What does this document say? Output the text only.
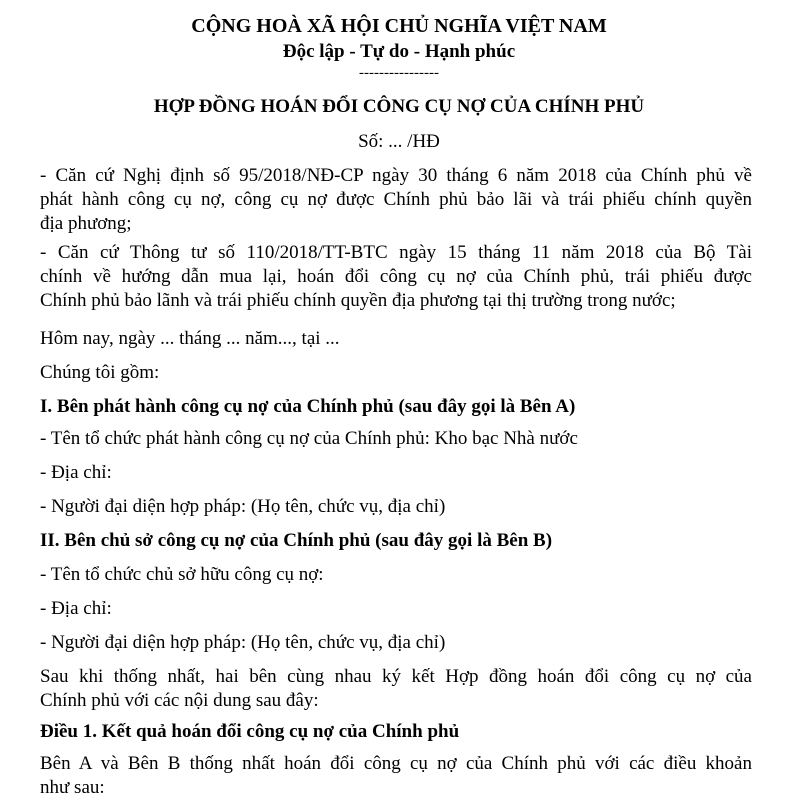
CỘNG HOÀ XÃ HỘI CHỦ NGHĨA VIỆT NAM
Độc lập - Tự do - Hạnh phúc
----------------
HỢP ĐỒNG HOÁN ĐỔI CÔNG CỤ NỢ CỦA CHÍNH PHỦ
Số: ... /HĐ
- Căn cứ Nghị định số 95/2018/NĐ-CP ngày 30 tháng 6 năm 2018 của Chính phủ về
phát hành công cụ nợ, công cụ nợ được Chính phủ bảo lãi và trái phiếu chính quyền
địa phương;
- Căn cứ Thông tư số 110/2018/TT-BTC ngày 15 tháng 11 năm 2018 của Bộ Tài
chính về hướng dẫn mua lại, hoán đổi công cụ nợ của Chính phủ, trái phiếu được
Chính phủ bảo lãnh và trái phiếu chính quyền địa phương tại thị trường trong nước;
Hôm nay, ngày ... tháng ... năm..., tại ...
Chúng tôi gồm:
I. Bên phát hành công cụ nợ của Chính phủ (sau đây gọi là Bên A)
- Tên tổ chức phát hành công cụ nợ của Chính phủ: Kho bạc Nhà nước
- Địa chỉ:
- Người đại diện hợp pháp: (Họ tên, chức vụ, địa chỉ)
II. Bên chủ sở công cụ nợ của Chính phủ (sau đây gọi là Bên B)
- Tên tổ chức chủ sở hữu công cụ nợ:
- Địa chỉ:
- Người đại diện hợp pháp: (Họ tên, chức vụ, địa chỉ)
Sau khi thống nhất, hai bên cùng nhau ký kết Hợp đồng hoán đổi công cụ nợ của
Chính phủ với các nội dung sau đây:
Điều 1. Kết quả hoán đổi công cụ nợ của Chính phủ
Bên A và Bên B thống nhất hoán đổi công cụ nợ của Chính phủ với các điều khoản
như sau:
